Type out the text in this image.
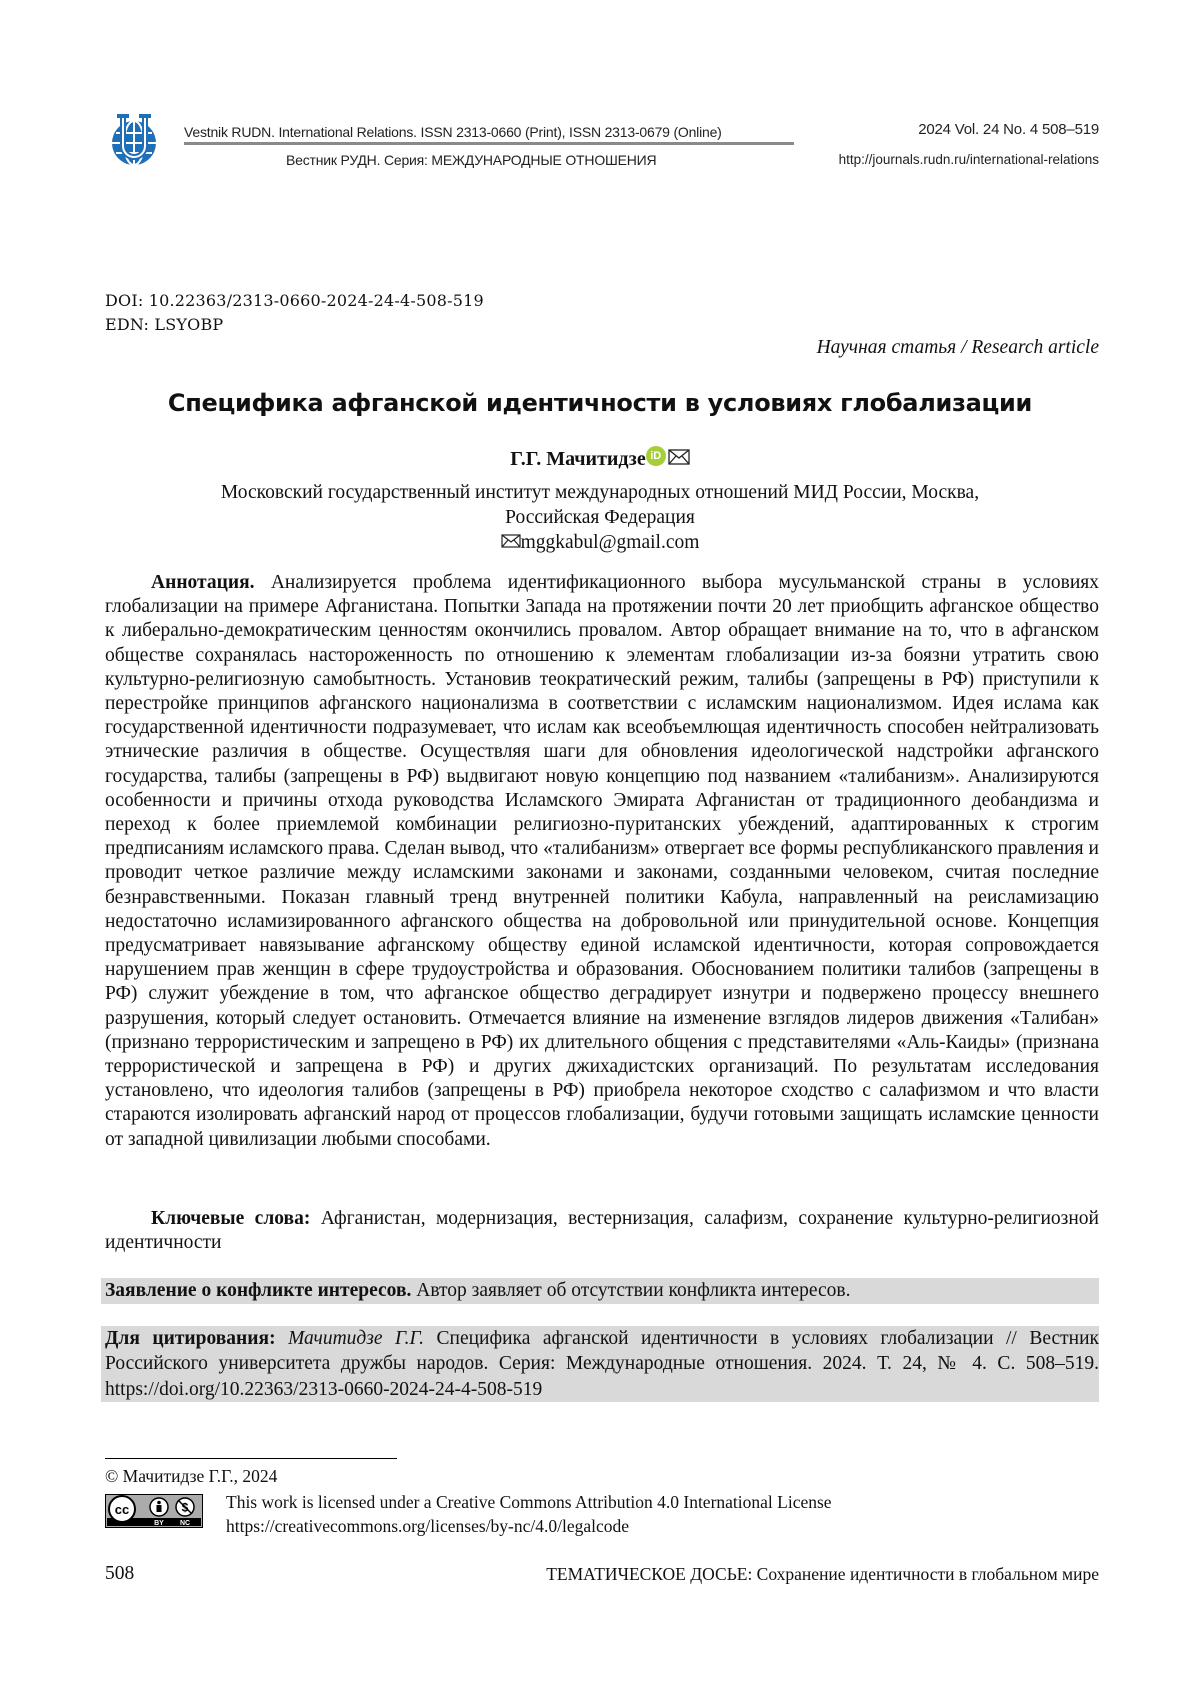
Vestnik RUDN. International Relations. ISSN 2313-0660 (Print), ISSN 2313-0679 (Online)
Вестник РУДН. Серия: МЕЖДУНАРОДНЫЕ ОТНОШЕНИЯ
2024 Vol. 24 No. 4 508–519
http://journals.rudn.ru/international-relations
DOI: 10.22363/2313-0660-2024-24-4-508-519
EDN: LSYOBP
Научная статья / Research article
Специфика афганской идентичности в условиях глобализации
Г.Г. Мачитидзе iD
Московский государственный институт международных отношений МИД России, Москва,
Российская Федерация
mggkabul@gmail.com

Аннотация. Анализируется проблема идентификационного выбора мусульманской страны в условиях глобализации на примере Афганистана. Попытки Запада на протяжении почти 20 лет приобщить афганское общество к либерально-демократическим ценностям окончились провалом. Автор обращает внимание на то, что в афганском обществе сохранялась настороженность по отношению к элементам глобализации из-за боязни утратить свою культурно-религиозную самобытность. Установив теократический режим, талибы (запрещены в РФ) приступили к перестройке принципов афганского национализма в соответствии с исламским национализмом. Идея ислама как государственной идентичности подразумевает, что ислам как всеобъемлющая идентичность способен нейтрализовать этнические различия в обществе. Осуществляя шаги для обновления идеологической надстройки афганского государства, талибы (запрещены в РФ) выдвигают новую концепцию под названием «талибанизм». Анализируются особенности и причины отхода руководства Исламского Эмирата Афганистан от традиционного деобандизма и переход к более приемлемой комбинации религиозно-пуританских убеждений, адаптированных к строгим предписаниям исламского права. Сделан вывод, что «талибанизм» отвергает все формы республиканского правления и проводит четкое различие между исламскими законами и законами, созданными человеком, считая последние безнравственными. Показан главный тренд внутренней политики Кабула, направленный на реисламизацию недостаточно исламизированного афганского общества на добровольной или принудительной основе. Концепция предусматривает навязывание афганскому обществу единой исламской идентичности, которая сопровождается нарушением прав женщин в сфере трудоустройства и образования. Обоснованием политики талибов (запрещены в РФ) служит убеждение в том, что афганское общество деградирует изнутри и подвержено процессу внешнего разрушения, который следует остановить. Отмечается влияние на изменение взглядов лидеров движения «Талибан» (признано террористическим и запрещено в РФ) их длительного общения с представителями «Аль-Каиды» (признана террористической и запрещена в РФ) и других джихадистских организаций. По результатам исследования установлено, что идеология талибов (запрещены в РФ) приобрела некоторое сходство с салафизмом и что власти стараются изолировать афганский народ от процессов глобализации, будучи готовыми защищать исламские ценности от западной цивилизации любыми способами.

Ключевые слова: Афганистан, модернизация, вестернизация, салафизм, сохранение культурно-религиозной идентичности

Заявление о конфликте интересов. Автор заявляет об отсутствии конфликта интересов.
Для цитирования: Мачитидзе Г.Г. Специфика афганской идентичности в условиях глобализации // Вестник Российского университета дружбы народов. Серия: Международные отношения. 2024. Т. 24, № 4. С. 508–519. https://doi.org/10.22363/2313-0660-2024-24-4-508-519
© Мачитидзе Г.Г., 2024
cc
BY NC
This work is licensed under a Creative Commons Attribution 4.0 International License
https://creativecommons.org/licenses/by-nc/4.0/legalcode
508	ТЕМАТИЧЕСКОЕ ДОСЬЕ: Сохранение идентичности в глобальном мире
